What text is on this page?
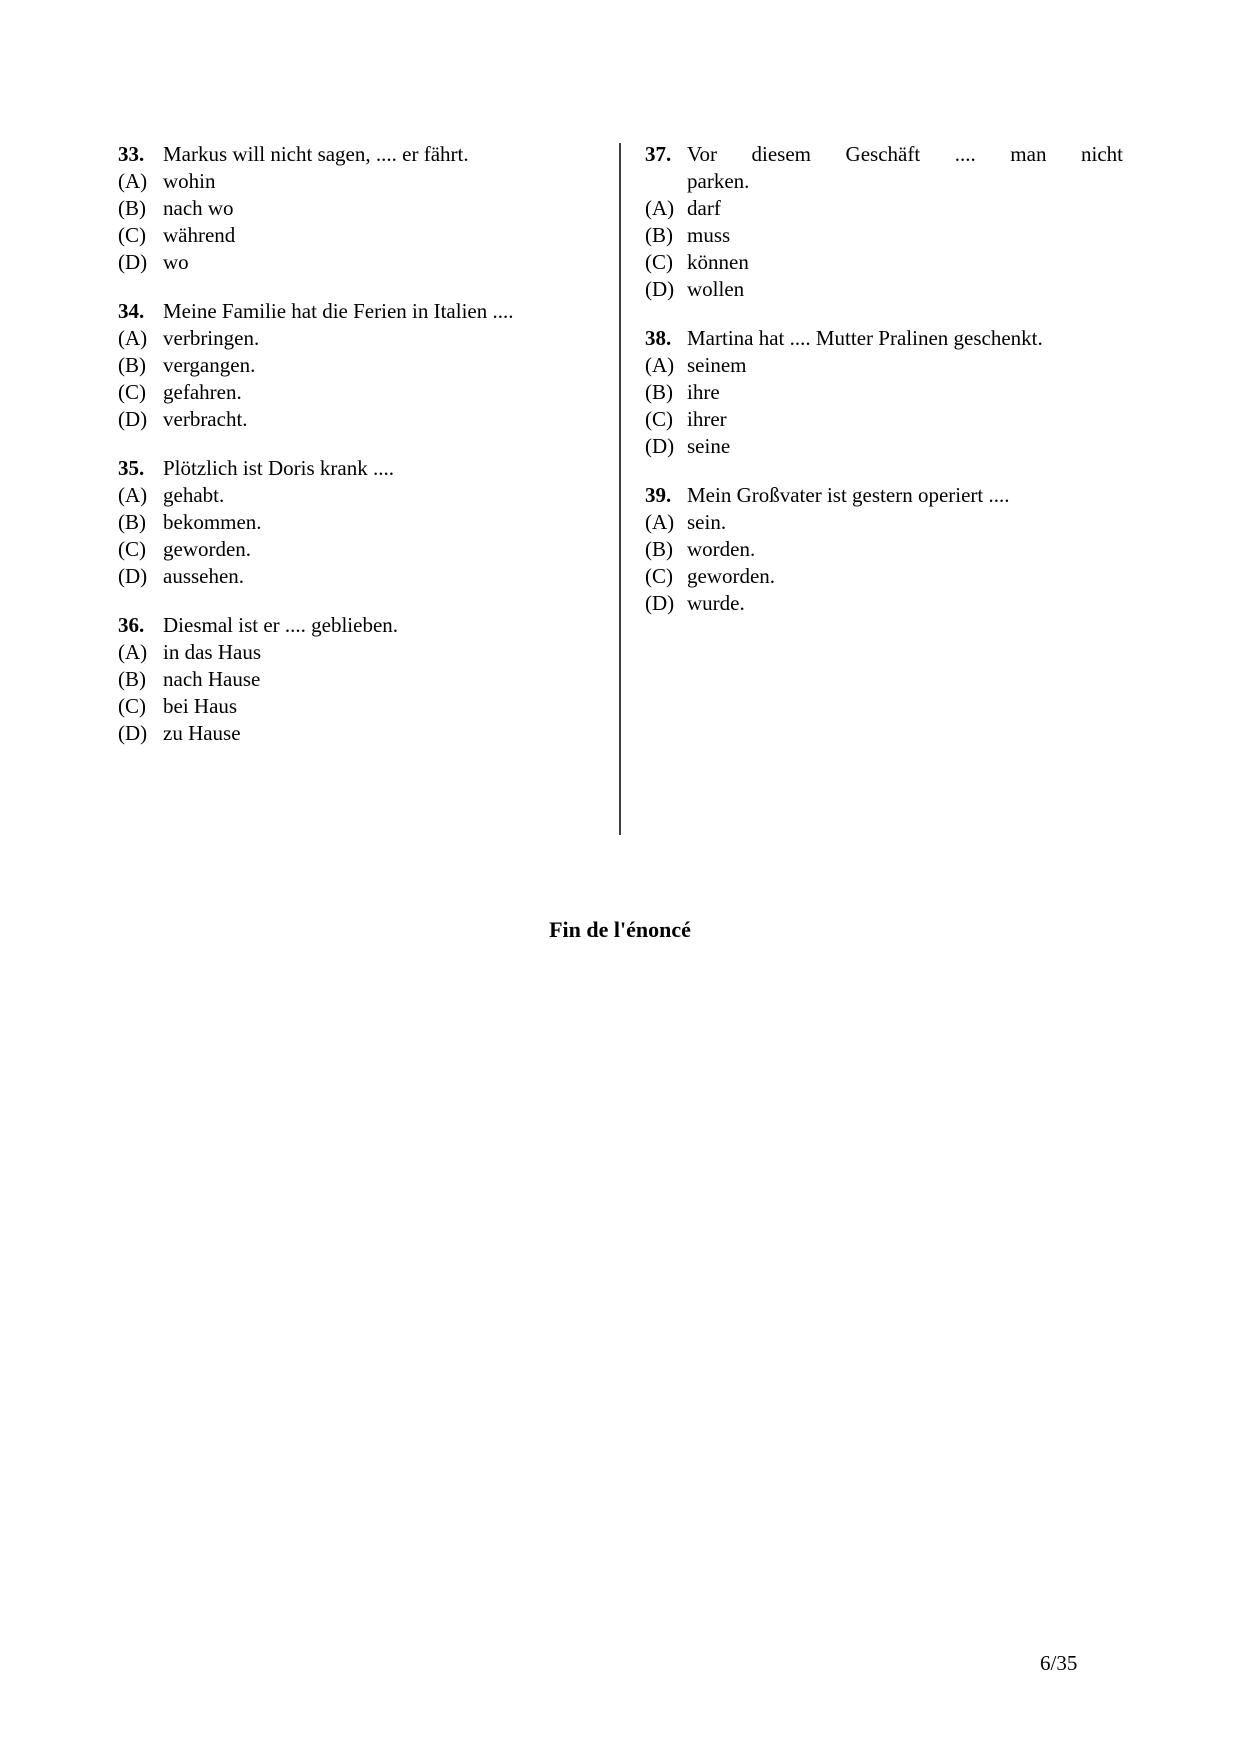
33. Markus will nicht sagen, .... er fährt.
(A) wohin
(B) nach wo
(C) während
(D) wo
34. Meine Familie hat die Ferien in Italien ....
(A) verbringen.
(B) vergangen.
(C) gefahren.
(D) verbracht.
35. Plötzlich ist Doris krank ....
(A) gehabt.
(B) bekommen.
(C) geworden.
(D) aussehen.
36. Diesmal ist er .... geblieben.
(A) in das Haus
(B) nach Hause
(C) bei Haus
(D) zu Hause
37. Vor diesem Geschäft .... man nicht
parken.
(A) darf
(B) muss
(C) können
(D) wollen
38. Martina hat .... Mutter Pralinen geschenkt.
(A) seinem
(B) ihre
(C) ihrer
(D) seine
39. Mein Großvater ist gestern operiert ....
(A) sein.
(B) worden.
(C) geworden.
(D) wurde.
Fin de l'énoncé
6/35
